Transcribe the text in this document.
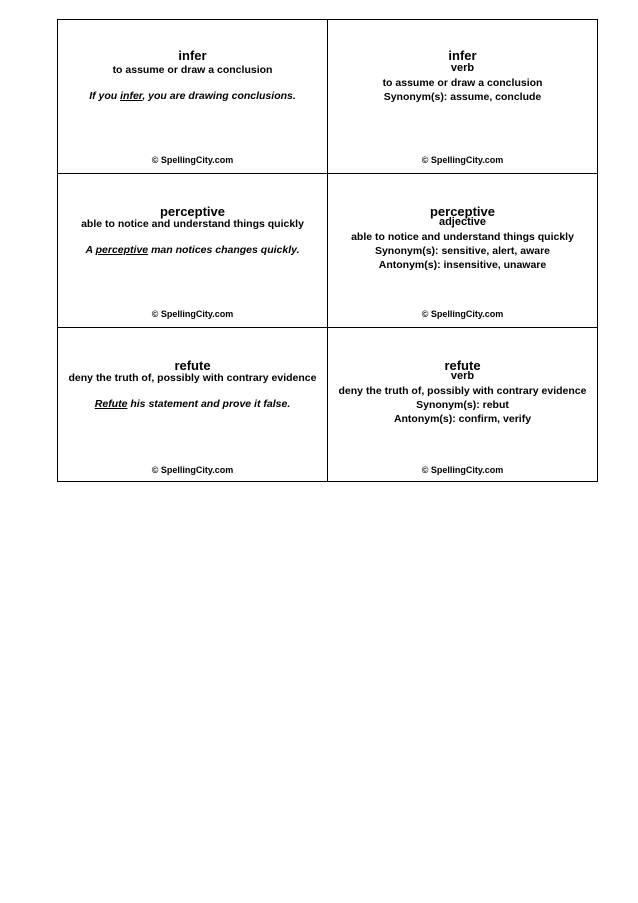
infer
to assume or draw a conclusion
If you infer, you are drawing conclusions.
© SpellingCity.com
infer
verb
to assume or draw a conclusion
Synonym(s): assume, conclude
© SpellingCity.com
perceptive
able to notice and understand things quickly
A perceptive man notices changes quickly.
© SpellingCity.com
perceptive
adjective
able to notice and understand things quickly
Synonym(s): sensitive, alert, aware
Antonym(s): insensitive, unaware
© SpellingCity.com
refute
deny the truth of, possibly with contrary evidence
Refute his statement and prove it false.
© SpellingCity.com
refute
verb
deny the truth of, possibly with contrary evidence
Synonym(s): rebut
Antonym(s): confirm, verify
© SpellingCity.com
